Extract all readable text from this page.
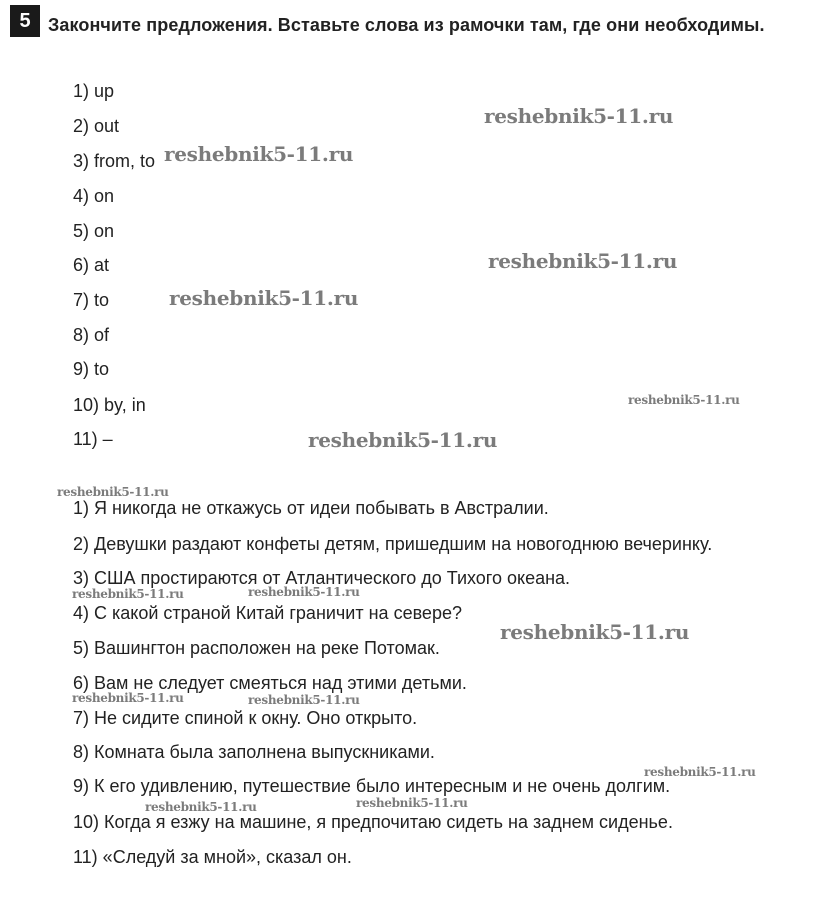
5 Закончите предложения. Вставьте слова из рамочки там, где они необходимы.
1) up
2) out
3) from, to
4) on
5) on
6) at
7) to
8) of
9) to
10) by, in
11) –
1) Я никогда не откажусь от идеи побывать в Австралии.
2) Девушки раздают конфеты детям, пришедшим на новогоднюю вечеринку.
3) США простираются от Атлантического до Тихого океана.
4) С какой страной Китай граничит на севере?
5) Вашингтон расположен на реке Потомак.
6) Вам не следует смеяться над этими детьми.
7) Не сидите спиной к окну. Оно открыто.
8) Комната была заполнена выпускниками.
9) К его удивлению, путешествие было интересным и не очень долгим.
10) Когда я езжу на машине, я предпочитаю сидеть на заднем сиденье.
11) «Следуй за мной», сказал он.
reshebnik5-11.ru
reshebnik5-11.ru
reshebnik5-11.ru
reshebnik5-11.ru
reshebnik5-11.ru
reshebnik5-11.ru
reshebnik5-11.ru
reshebnik5-11.ru	reshebnik5-11.ru
reshebnik5-11.ru
reshebnik5-11.ru	reshebnik5-11.ru
reshebnik5-11.ru
reshebnik5-11.ru	reshebnik5-11.ru
